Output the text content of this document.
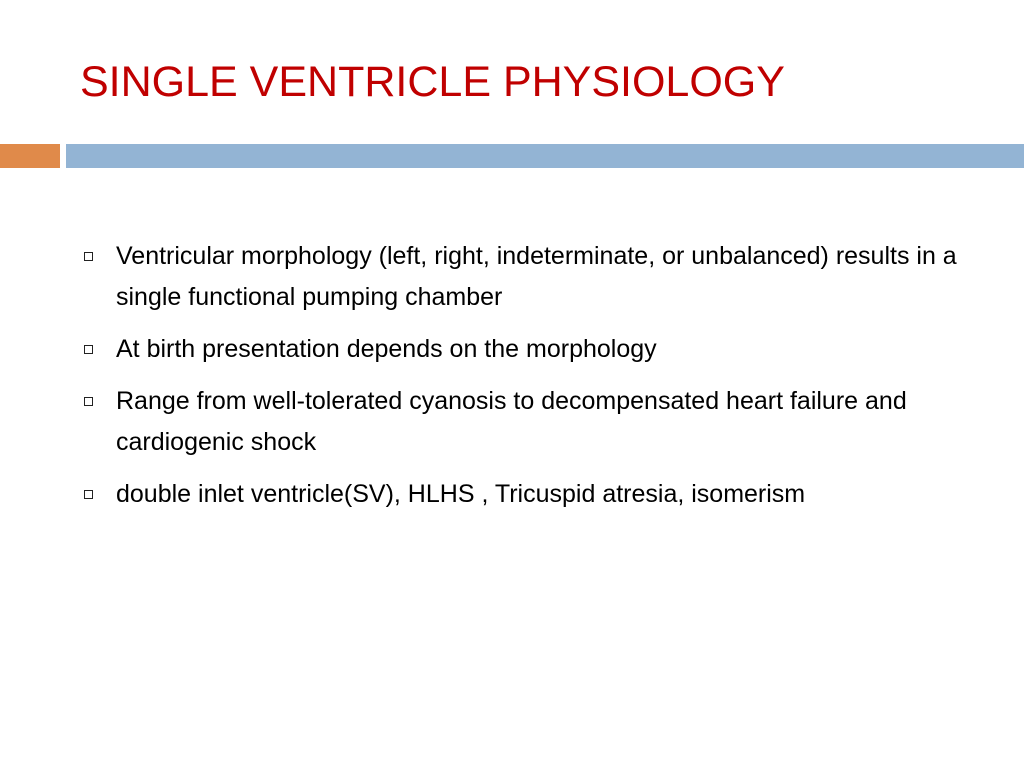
SINGLE VENTRICLE PHYSIOLOGY
Ventricular morphology (left, right, indeterminate, or unbalanced) results in a single functional pumping chamber
At birth presentation depends on the morphology
Range from well-tolerated cyanosis to decompensated heart failure and cardiogenic shock
double inlet ventricle(SV), HLHS , Tricuspid atresia, isomerism
